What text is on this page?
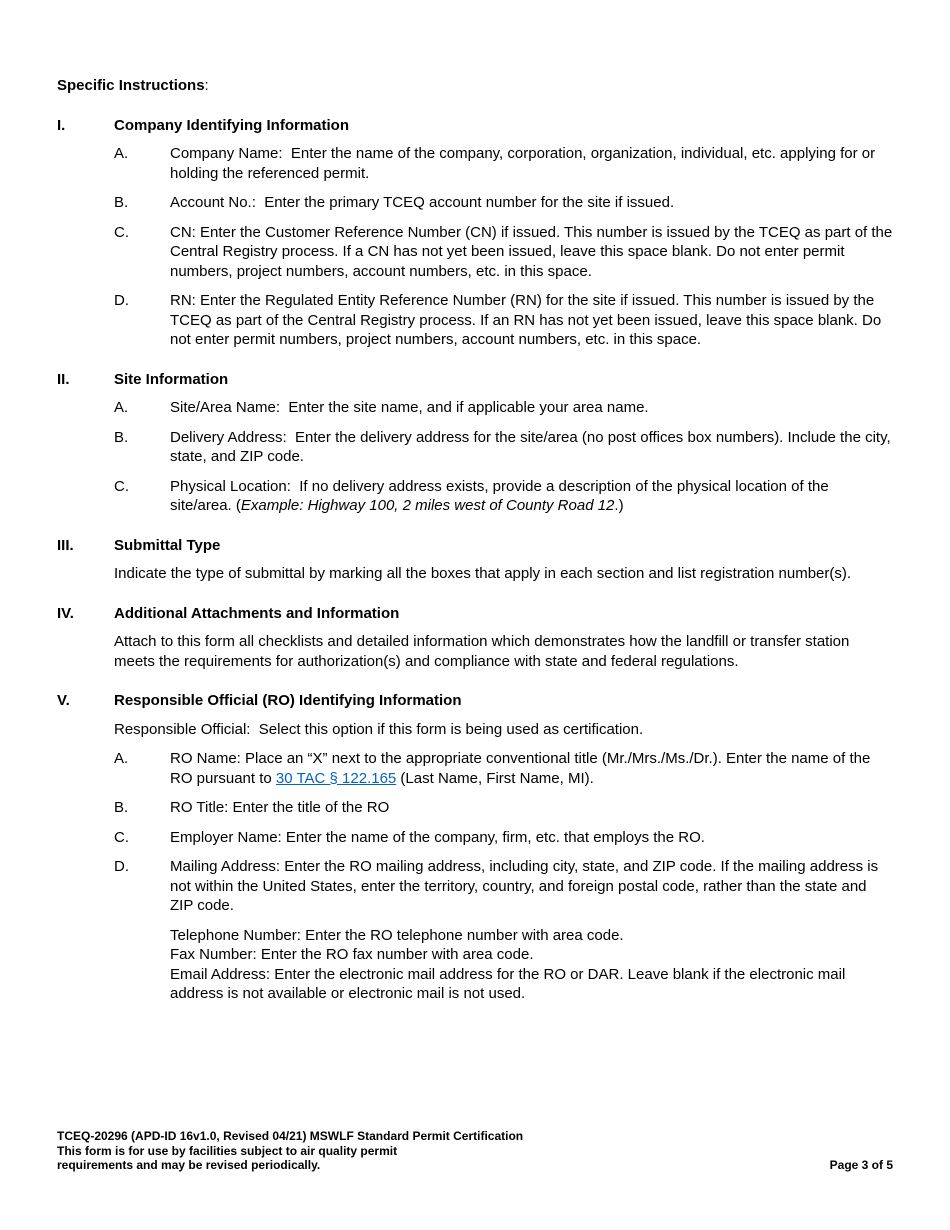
Specific Instructions:
I.	Company Identifying Information
A.	Company Name:  Enter the name of the company, corporation, organization, individual, etc. applying for or holding the referenced permit.
B.	Account No.:  Enter the primary TCEQ account number for the site if issued.
C.	CN: Enter the Customer Reference Number (CN) if issued. This number is issued by the TCEQ as part of the Central Registry process. If a CN has not yet been issued, leave this space blank. Do not enter permit numbers, project numbers, account numbers, etc. in this space.
D.	RN: Enter the Regulated Entity Reference Number (RN) for the site if issued. This number is issued by the TCEQ as part of the Central Registry process. If an RN has not yet been issued, leave this space blank. Do not enter permit numbers, project numbers, account numbers, etc. in this space.
II.	Site Information
A.	Site/Area Name:  Enter the site name, and if applicable your area name.
B.	Delivery Address:  Enter the delivery address for the site/area (no post offices box numbers). Include the city, state, and ZIP code.
C.	Physical Location:  If no delivery address exists, provide a description of the physical location of the site/area. (Example: Highway 100, 2 miles west of County Road 12.)
III.	Submittal Type
Indicate the type of submittal by marking all the boxes that apply in each section and list registration number(s).
IV.	Additional Attachments and Information
Attach to this form all checklists and detailed information which demonstrates how the landfill or transfer station meets the requirements for authorization(s) and compliance with state and federal regulations.
V.	Responsible Official (RO) Identifying Information
Responsible Official:  Select this option if this form is being used as certification.
A.	RO Name: Place an “X” next to the appropriate conventional title (Mr./Mrs./Ms./Dr.). Enter the name of the RO pursuant to 30 TAC § 122.165 (Last Name, First Name, MI).
B.	RO Title: Enter the title of the RO
C.	Employer Name: Enter the name of the company, firm, etc. that employs the RO.
D.	Mailing Address: Enter the RO mailing address, including city, state, and ZIP code. If the mailing address is not within the United States, enter the territory, country, and foreign postal code, rather than the state and ZIP code.
Telephone Number: Enter the RO telephone number with area code.
Fax Number: Enter the RO fax number with area code.
Email Address: Enter the electronic mail address for the RO or DAR. Leave blank if the electronic mail address is not available or electronic mail is not used.
TCEQ-20296 (APD-ID 16v1.0, Revised 04/21) MSWLF Standard Permit Certification
This form is for use by facilities subject to air quality permit
requirements and may be revised periodically.	Page 3 of 5
